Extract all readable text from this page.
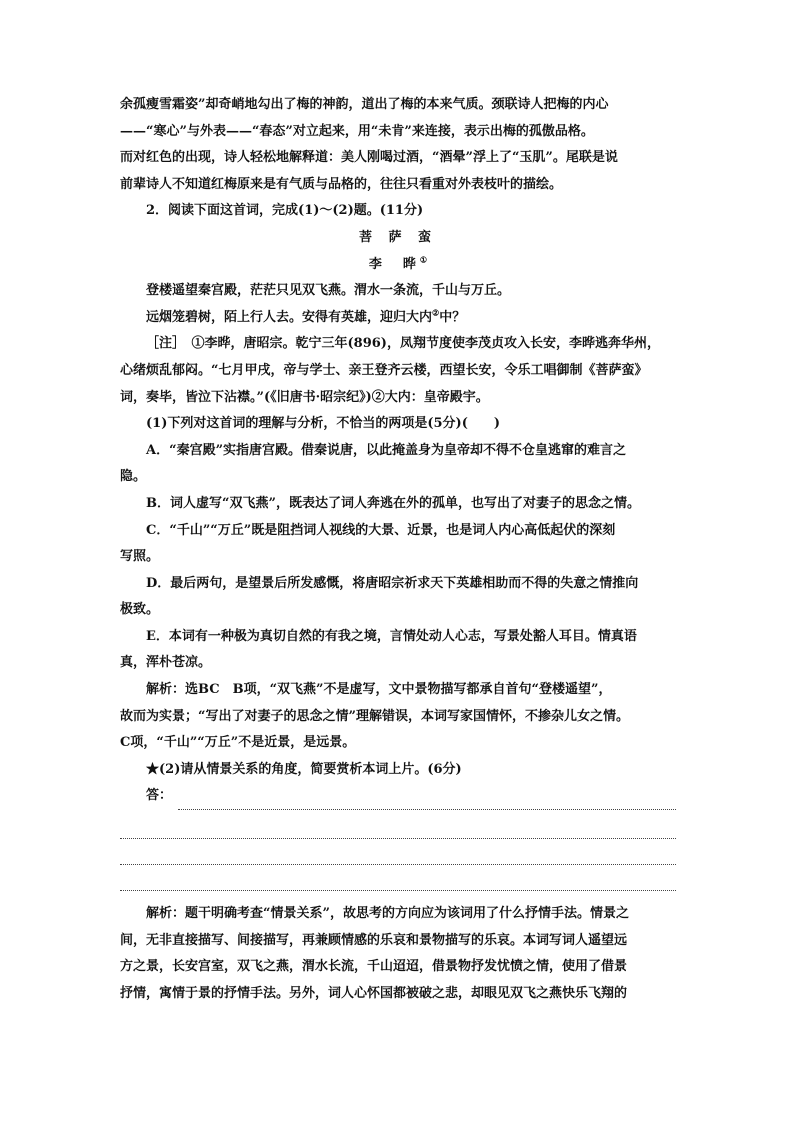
余孤瘦雪霜姿”却奇峭地勾出了梅的神韵，道出了梅的本来气质。颈联诗人把梅的内心

——“寒心”与外表——“春态”对立起来，用“未肯”来连接，表示出梅的孤傲品格。

而对红色的出现，诗人轻松地解释道：美人刚喝过酒，“酒晕”浮上了“玉肌”。尾联是说

前辈诗人不知道红梅原来是有气质与品格的，往往只看重对外表枝叶的描绘。

2．阅读下面这首词，完成(1)～(2)题。(11分)

菩 萨 蛮

李　晔①

登楼遥望秦宫殿，茫茫只见双飞燕。渭水一条流，千山与万丘。

远烟笼碧树，陌上行人去。安得有英雄，迎归大内②中？

［注］　①李晔，唐昭宗。乾宁三年(896)，凤翔节度使李茂贞攻入长安，李晔逃奔华州，

心绪烦乱郁闷。“七月甲戌，帝与学士、亲王登齐云楼，西望长安，令乐工唱御制《菩萨蛮》

词，奏毕，皆泣下沾襟。”(《旧唐书·昭宗纪》)②大内：皇帝殿宇。

(1)下列对这首词的理解与分析，不恰当的两项是(5分)(　　)

A．“秦宫殿”实指唐宫殿。借秦说唐，以此掩盖身为皇帝却不得不仓皇逃窜的难言之

隐。

B．词人虚写“双飞燕”，既表达了词人奔逃在外的孤单，也写出了对妻子的思念之情。

C．“千山”“万丘”既是阻挡词人视线的大景、近景，也是词人内心高低起伏的深刻

写照。

D．最后两句，是望景后所发感慨，将唐昭宗祈求天下英雄相助而不得的失意之情推向

极致。

E．本词有一种极为真切自然的有我之境，言情处动人心志，写景处豁人耳目。情真语

真，浑朴苍凉。

解析：选BC　B项，“双飞燕”不是虚写，文中景物描写都承自首句“登楼遥望”，

故而为实景；“写出了对妻子的思念之情”理解错误，本词写家国情怀，不掺杂儿女之情。

C项，“千山”“万丘”不是近景，是远景。

★(2)请从情景关系的角度，简要赏析本词上片。(6分)

答：

解析：题干明确考查“情景关系”，故思考的方向应为该词用了什么抒情手法。情景之

间，无非直接描写、间接描写，再兼顾情感的乐哀和景物描写的乐哀。本词写词人遥望远

方之景，长安宫室，双飞之燕，渭水长流，千山迢迢，借景物抒发忧愤之情，使用了借景

抒情，寓情于景的抒情手法。另外，词人心怀国都被破之悲，却眼见双飞之燕快乐飞翔的
